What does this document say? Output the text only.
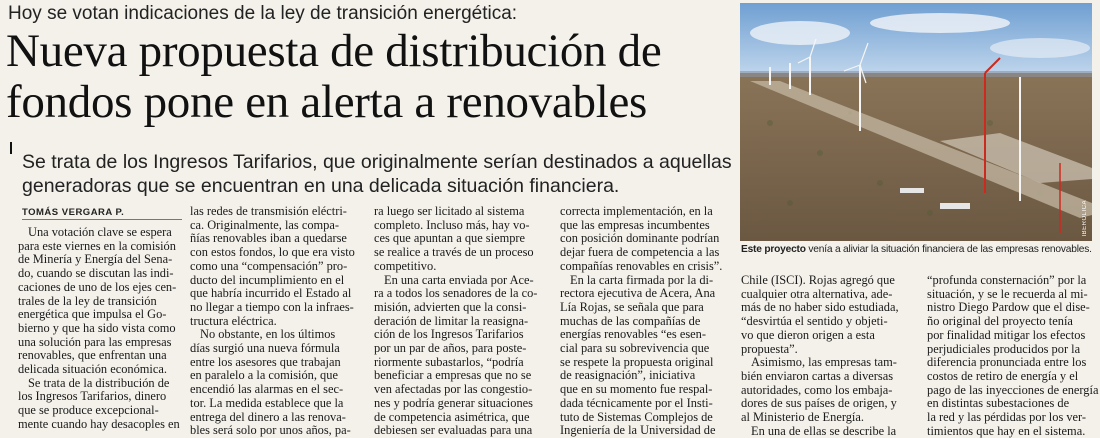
Hoy se votan indicaciones de la ley de transición energética:
Nueva propuesta de distribución de
fondos pone en alerta a renovables
Se trata de los Ingresos Tarifarios, que originalmente serían destinados a aquellas
generadoras que se encuentran en una delicada situación financiera.
TOMÁS VERGARA P.

Una votación clave se espera

para este viernes en la comisión

de Minería y Energía del Sena-

do, cuando se discutan las indi-

caciones de uno de los ejes cen-

trales de la ley de transición

energética que impulsa el Go-

bierno y que ha sido vista como

una solución para las empresas

renovables, que enfrentan una

delicada situación económica.

Se trata de la distribución de

los Ingresos Tarifarios, dinero

que se produce excepcional-

mente cuando hay desacoples en

las redes de transmisión eléctri-

ca. Originalmente, las compa-

ñías renovables iban a quedarse

con estos fondos, lo que era visto

como una “compensación” pro-

ducto del incumplimiento en el

que habría incurrido el Estado al

no llegar a tiempo con la infraes-

tructura eléctrica.

No obstante, en los últimos

días surgió una nueva fórmula

entre los asesores que trabajan

en paralelo a la comisión, que

encendió las alarmas en el sec-

tor. La medida establece que la

entrega del dinero a las renova-

bles será solo por unos años, pa-

ra luego ser licitado al sistema

completo. Incluso más, hay vo-

ces que apuntan a que siempre

se realice a través de un proceso

competitivo.

En una carta enviada por Ace-

ra a todos los senadores de la co-

misión, advierten que la consi-

deración de limitar la reasigna-

ción de los Ingresos Tarifarios

por un par de años, para poste-

riormente subastarlos, “podría

beneficiar a empresas que no se

ven afectadas por las congestio-

nes y podría generar situaciones

de competencia asimétrica, que

debiesen ser evaluadas para una

correcta implementación, en la

que las empresas incumbentes

con posición dominante podrían

dejar fuera de competencia a las

compañías renovables en crisis”.

En la carta firmada por la di-

rectora ejecutiva de Acera, Ana

Lía Rojas, se señala que para

muchas de las compañías de

energías renovables “es esen-

cial para su sobrevivencia que

se respete la propuesta original

de reasignación”, iniciativa

que en su momento fue respal-

dada técnicamente por el Insti-

tuto de Sistemas Complejos de

Ingeniería de la Universidad de

Chile (ISCI). Rojas agregó que

cualquier otra alternativa, ade-

más de no haber sido estudiada,

“desvirtúa el sentido y objeti-

vo que dieron origen a esta

propuesta”.

Asimismo, las empresas tam-

bién enviaron cartas a diversas

autoridades, como los embaja-

dores de sus países de origen, y

al Ministerio de Energía.

En una de ellas se describe la

“profunda consternación” por la

situación, y se le recuerda al mi-

nistro Diego Pardow que el dise-

ño original del proyecto tenía

por finalidad mitigar los efectos

perjudiciales producidos por la

diferencia pronunciada entre los

costos de retiro de energía y el

pago de las inyecciones de energía

en distintas subestaciones de

la red y las pérdidas por los ver-

timientos que hay en el sistema.

IBEROLICA
Este proyecto venía a aliviar la situación financiera de las empresas renovables.
